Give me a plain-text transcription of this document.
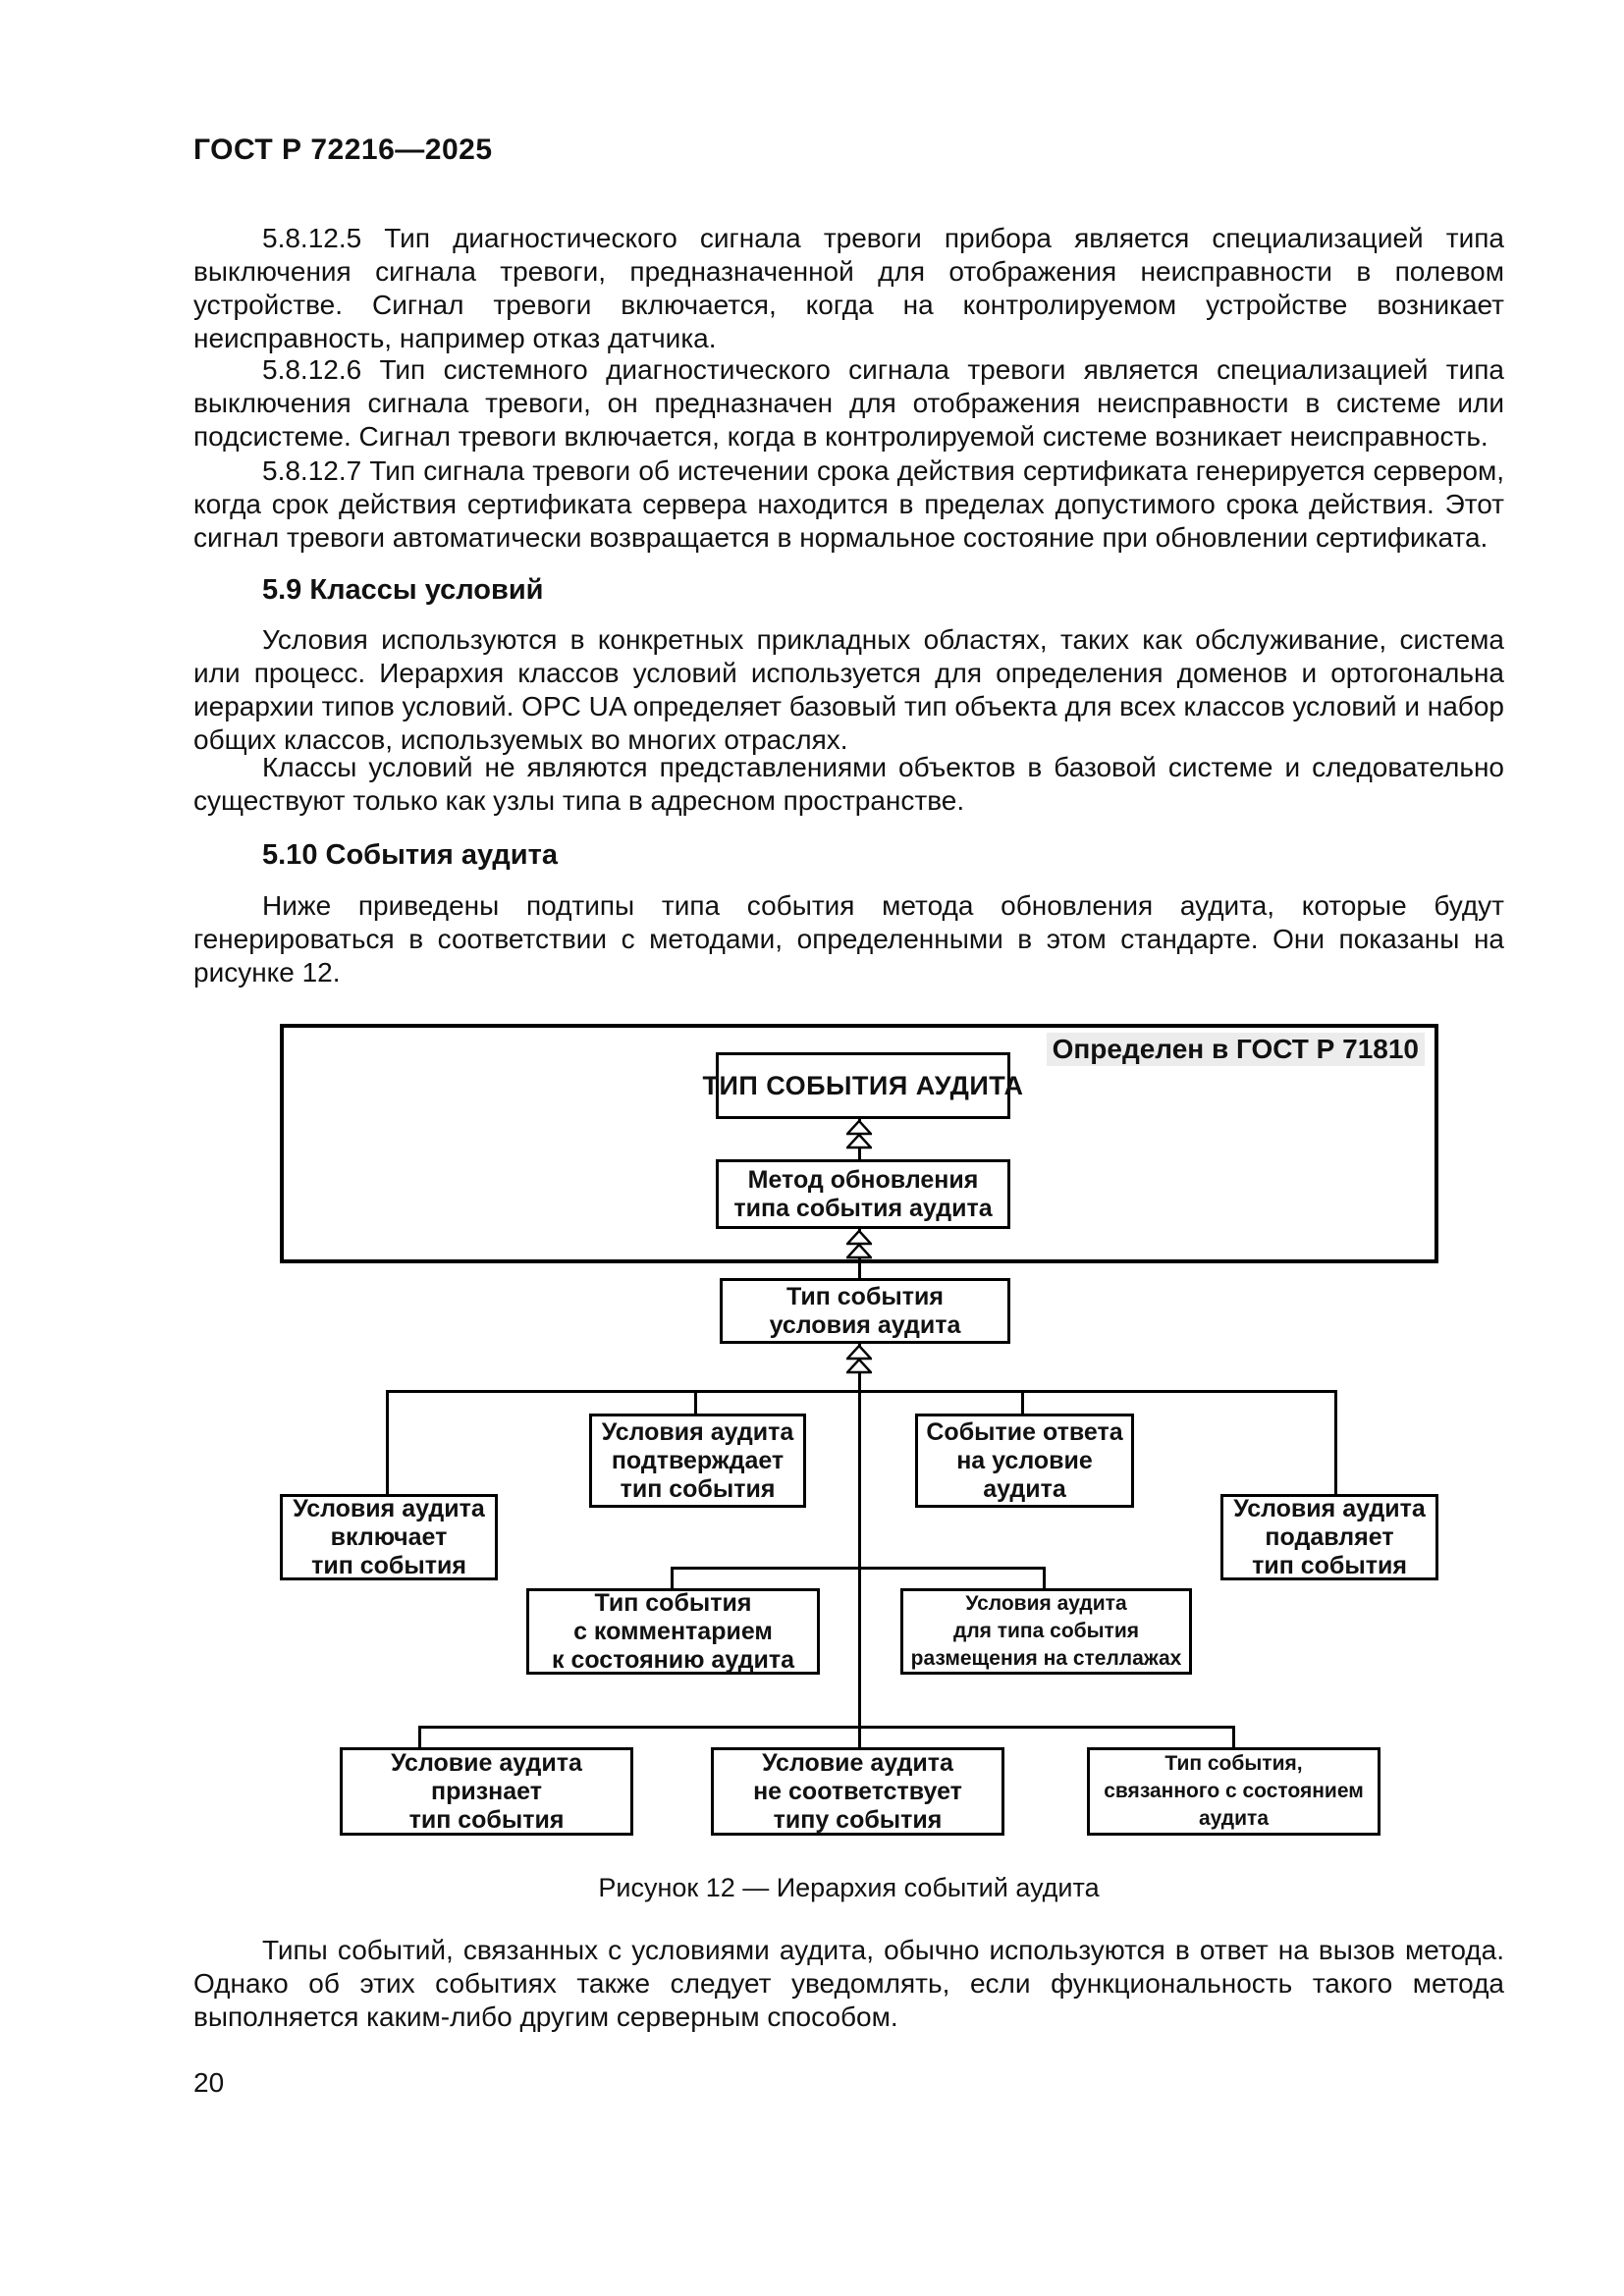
ГОСТ Р 72216—2025

5.8.12.5 Тип диагностического сигнала тревоги прибора является специализацией типа выключения сигнала тревоги, предназначенной для отображения неисправности в полевом устройстве. Сигнал тревоги включается, когда на контролируемом устройстве возникает неисправность, например отказ датчика.

5.8.12.6 Тип системного диагностического сигнала тревоги является специализацией типа выключения сигнала тревоги, он предназначен для отображения неисправности в системе или подсистеме. Сигнал тревоги включается, когда в контролируемой системе возникает неисправность.

5.8.12.7 Тип сигнала тревоги об истечении срока действия сертификата генерируется сервером, когда срок действия сертификата сервера находится в пределах допустимого срока действия. Этот сигнал тревоги автоматически возвращается в нормальное состояние при обновлении сертификата.

5.9 Классы условий

Условия используются в конкретных прикладных областях, таких как обслуживание, система или процесс. Иерархия классов условий используется для определения доменов и ортогональна иерархии типов условий. OPC UA определяет базовый тип объекта для всех классов условий и набор общих классов, используемых во многих отраслях.

Классы условий не являются представлениями объектов в базовой системе и следовательно существуют только как узлы типа в адресном пространстве.

5.10 События аудита

Ниже приведены подтипы типа события метода обновления аудита, которые будут генерироваться в соответствии с методами, определенными в этом стандарте. Они показаны на рисунке 12.

ТИП СОБЫТИЯ АУДИТА
Метод обновления
типа события аудита
Тип события
условия аудита
Условия аудита
подтверждает
тип события
Событие ответа
на условие
аудита
Условия аудита
включает
тип события
Условия аудита
подавляет
тип события
Тип события
с комментарием
к состоянию аудита
Условия аудита
для типа события
размещения на стеллажах
Условие аудита
признает
тип события
Условие аудита
не соответствует
типу события
Тип события,
связанного с состоянием
аудита
Определен в ГОСТ Р 71810
Рисунок 12 — Иерархия событий аудита

Типы событий, связанных с условиями аудита, обычно используются в ответ на вызов метода. Однако об этих событиях также следует уведомлять, если функциональность такого метода выполняется каким-либо другим серверным способом.

20
